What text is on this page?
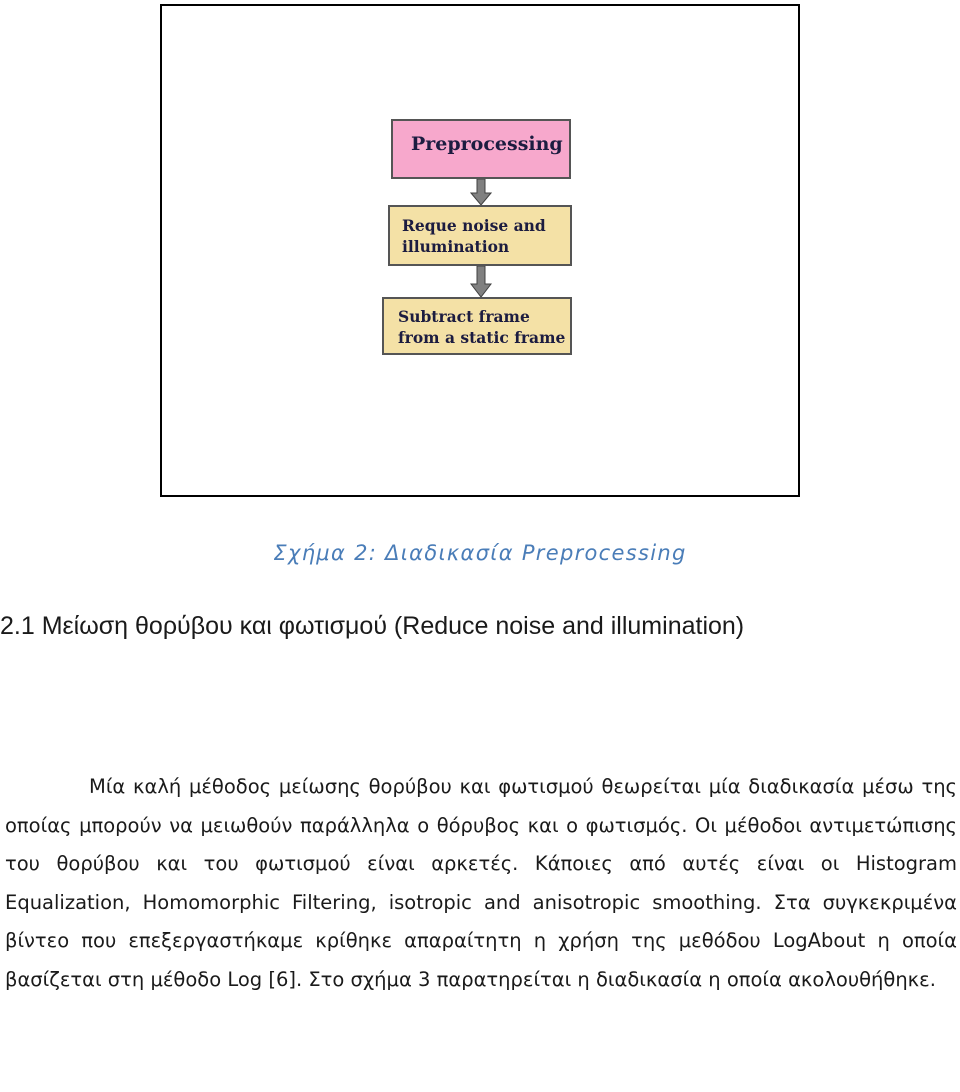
Preprocessing
Reque noise and
illumination
Subtract frame
from a static frame
Σχήμα 2: Διαδικασία Preprocessing
2.1 Μείωση θορύβου και φωτισμού (Reduce noise and illumination)
Μία καλή μέθοδος μείωσης θορύβου και φωτισμού θεωρείται μία διαδικασία μέσω της οποίας μπορούν να μειωθούν παράλληλα ο θόρυβος και ο φωτισμός. Οι μέθοδοι αντιμετώπισης του θορύβου και του φωτισμού είναι αρκετές. Κάποιες από αυτές είναι οι Histogram Equalization, Homomorphic Filtering, isotropic and anisotropic smoothing. Στα συγκεκριμένα βίντεο που επεξεργαστήκαμε κρίθηκε απαραίτητη η χρήση της μεθόδου LogAbout η οποία βασίζεται στη μέθοδο Log [6]. Στο σχήμα 3 παρατηρείται η διαδικασία η οποία ακολουθήθηκε.
